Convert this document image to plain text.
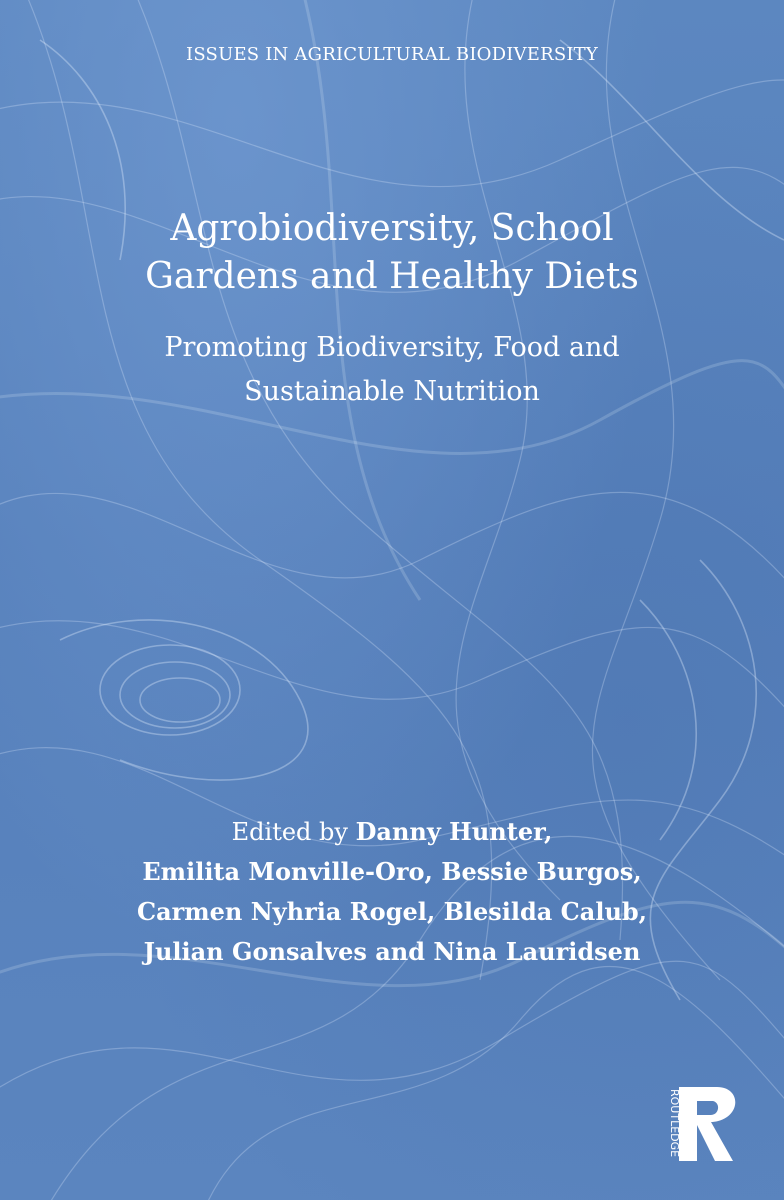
ISSUES IN AGRICULTURAL BIODIVERSITY
Agrobiodiversity, School
Gardens and Healthy Diets
Promoting Biodiversity, Food and
Sustainable Nutrition
Edited by Danny Hunter,
Emilita Monville-Oro, Bessie Burgos,
Carmen Nyhria Rogel, Blesilda Calub,
Julian Gonsalves and Nina Lauridsen
ROUTLEDGE
